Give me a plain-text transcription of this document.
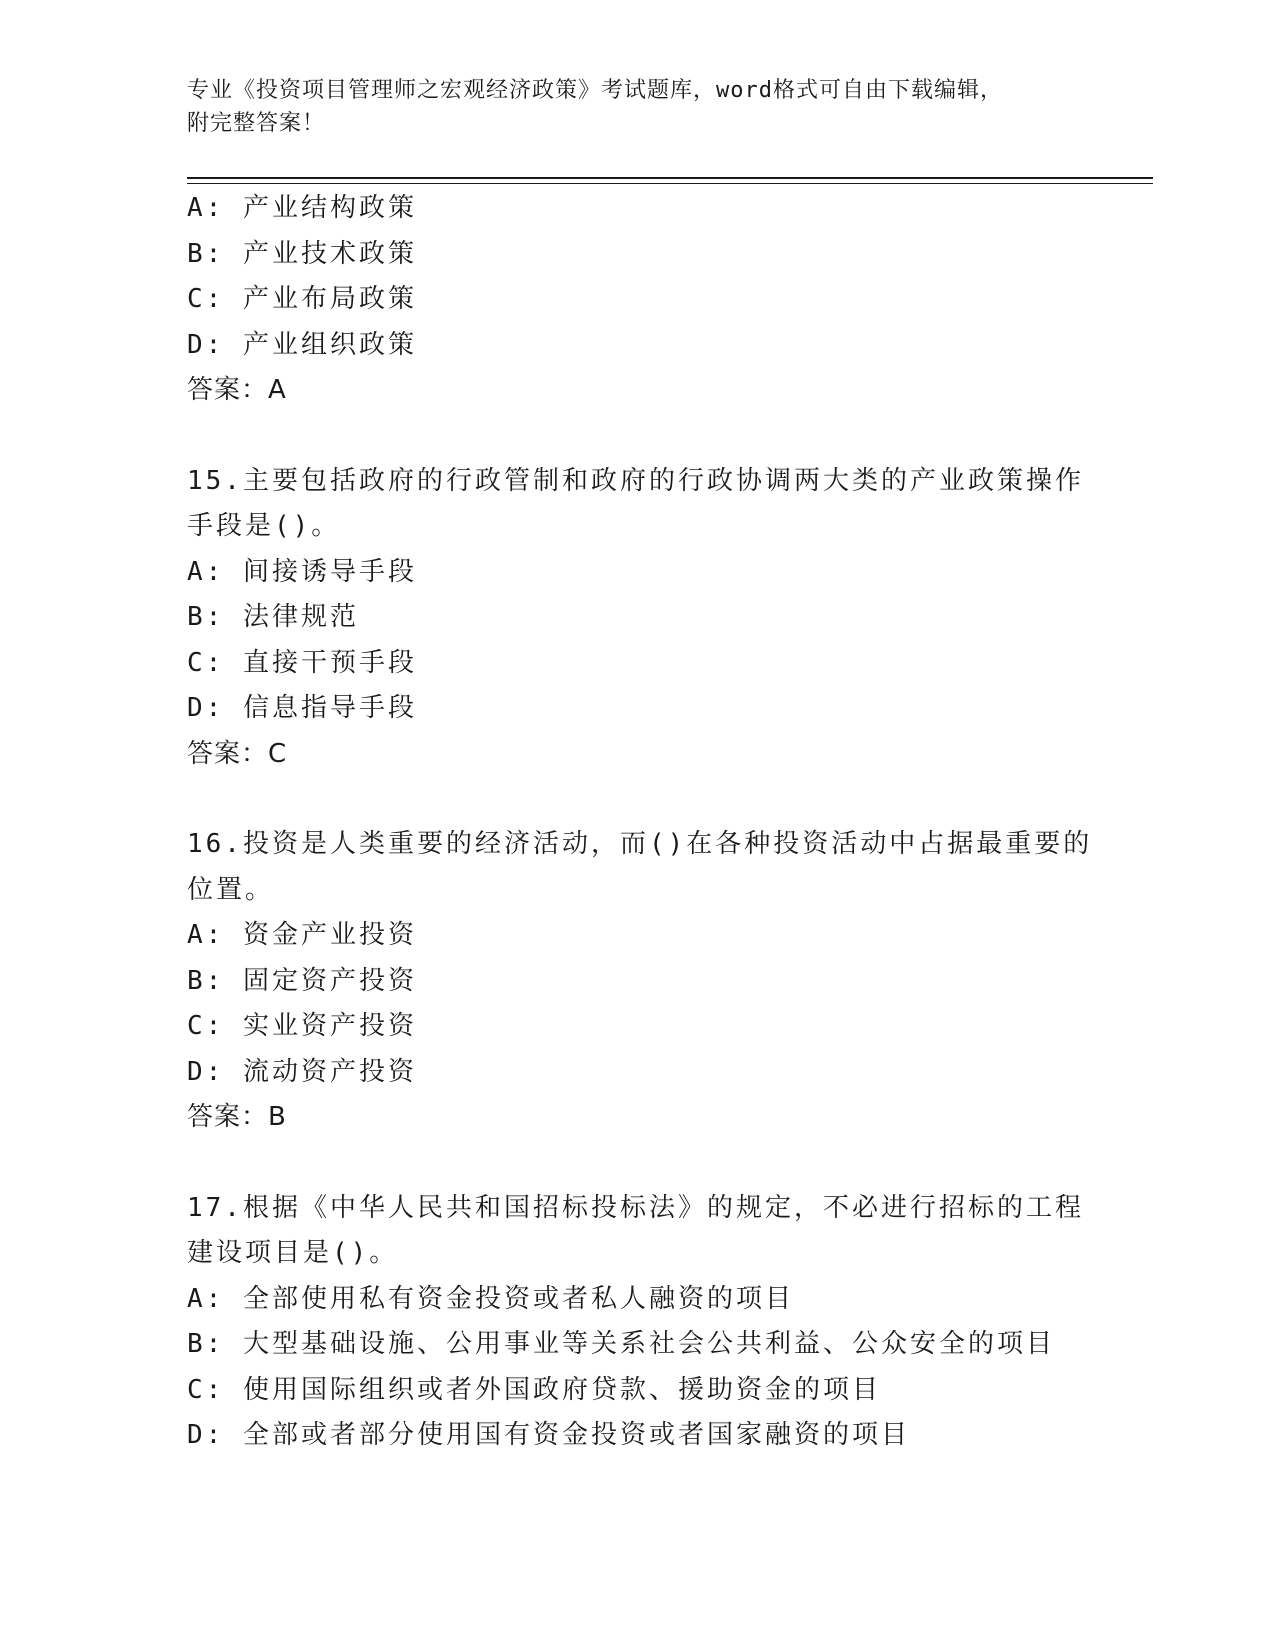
专业《投资项目管理师之宏观经济政策》考试题库，word格式可自由下载编辑，
附完整答案！
A: 产业结构政策
B: 产业技术政策
C: 产业布局政策
D: 产业组织政策
答案：A
15.主要包括政府的行政管制和政府的行政协调两大类的产业政策操作
手段是()。
A: 间接诱导手段
B: 法律规范
C: 直接干预手段
D: 信息指导手段
答案：C
16.投资是人类重要的经济活动，而()在各种投资活动中占据最重要的
位置。
A: 资金产业投资
B: 固定资产投资
C: 实业资产投资
D: 流动资产投资
答案：B
17.根据《中华人民共和国招标投标法》的规定，不必进行招标的工程
建设项目是()。
A: 全部使用私有资金投资或者私人融资的项目
B: 大型基础设施、公用事业等关系社会公共利益、公众安全的项目
C: 使用国际组织或者外国政府贷款、援助资金的项目
D: 全部或者部分使用国有资金投资或者国家融资的项目
